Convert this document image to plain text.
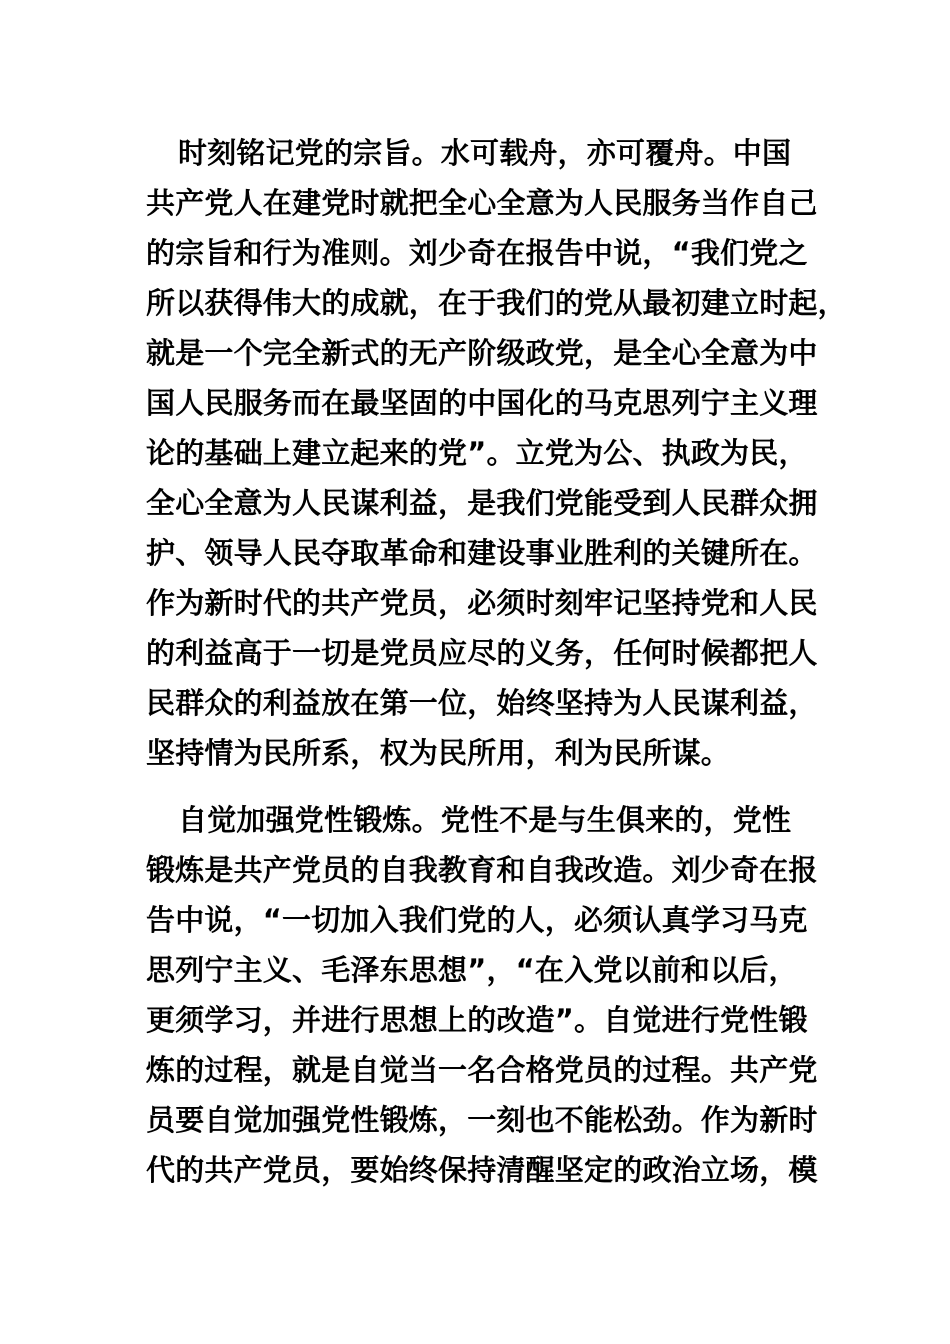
时刻铭记党的宗旨。水可载舟，亦可覆舟。中国
共产党人在建党时就把全心全意为人民服务当作自己
的宗旨和行为准则。刘少奇在报告中说，“我们党之
所以获得伟大的成就，在于我们的党从最初建立时起，
就是一个完全新式的无产阶级政党，是全心全意为中
国人民服务而在最坚固的中国化的马克思列宁主义理
论的基础上建立起来的党”。立党为公、执政为民，
全心全意为人民谋利益，是我们党能受到人民群众拥
护、领导人民夺取革命和建设事业胜利的关键所在。
作为新时代的共产党员，必须时刻牢记坚持党和人民
的利益高于一切是党员应尽的义务，任何时候都把人
民群众的利益放在第一位，始终坚持为人民谋利益，
坚持情为民所系，权为民所用，利为民所谋。
自觉加强党性锻炼。党性不是与生俱来的，党性
锻炼是共产党员的自我教育和自我改造。刘少奇在报
告中说，“一切加入我们党的人，必须认真学习马克
思列宁主义、毛泽东思想”，“在入党以前和以后，
更须学习，并进行思想上的改造”。自觉进行党性锻
炼的过程，就是自觉当一名合格党员的过程。共产党
员要自觉加强党性锻炼，一刻也不能松劲。作为新时
代的共产党员，要始终保持清醒坚定的政治立场，模
